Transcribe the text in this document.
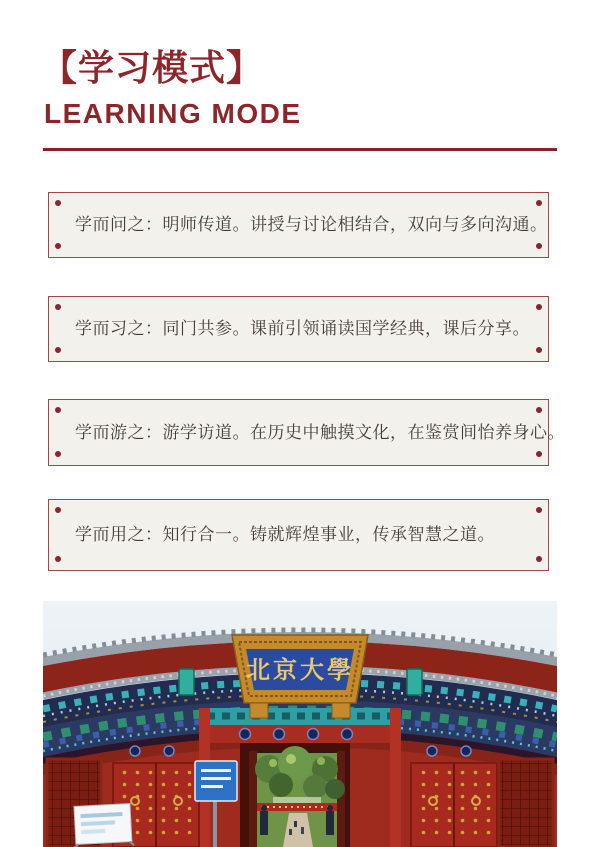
【学习模式】
LEARNING MODE
学而问之：明师传道。讲授与讨论相结合，双向与多向沟通。
学而习之：同门共参。课前引领诵读国学经典，课后分享。
学而游之：游学访道。在历史中触摸文化，在鉴赏间怡养身心。
学而用之：知行合一。铸就辉煌事业，传承智慧之道。
北京大學
